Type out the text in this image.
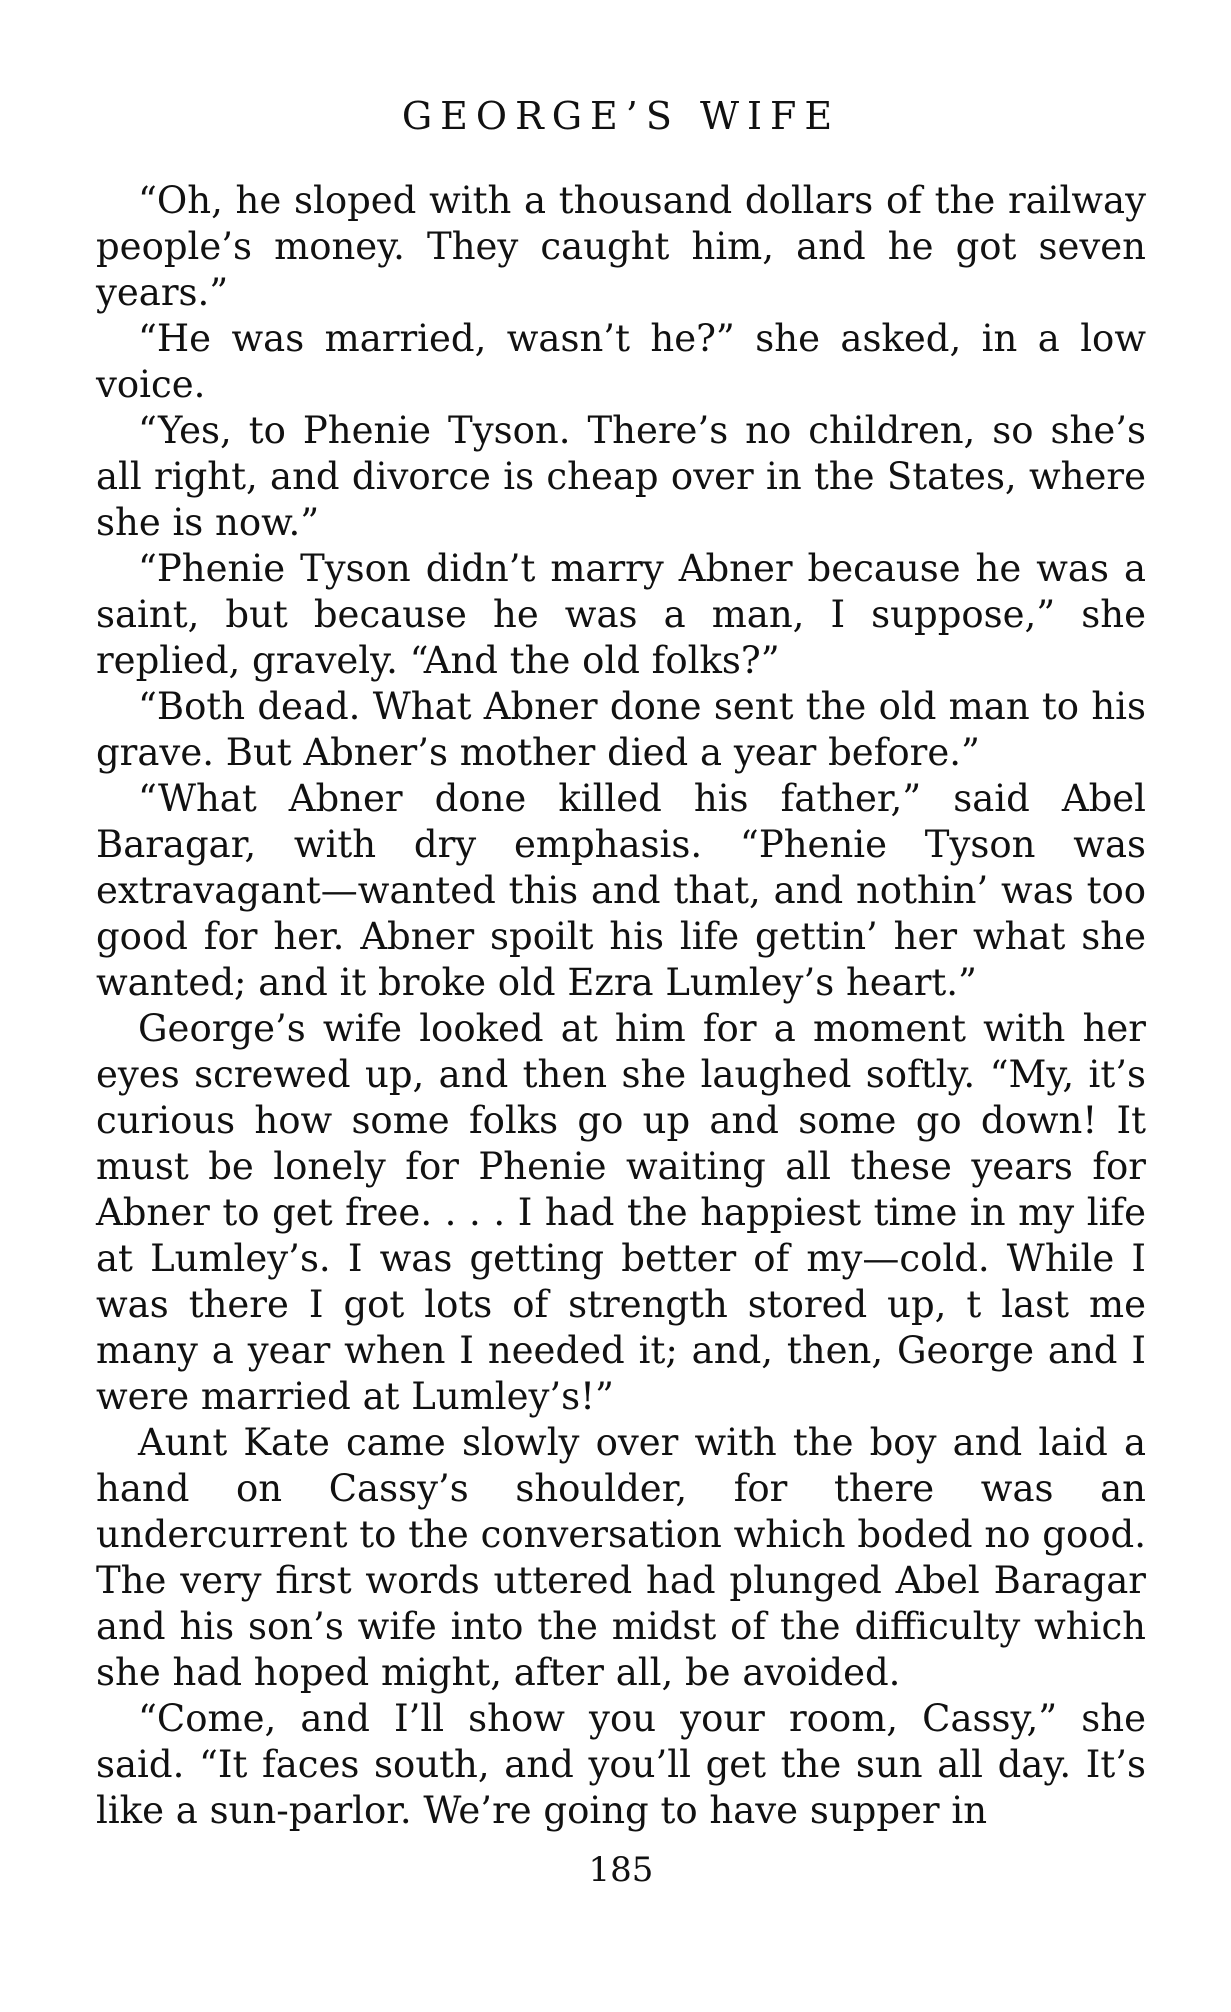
GEORGE’S WIFE

“Oh, he sloped with a thousand dollars of the railway people’s money. They caught him, and he got seven years.”

“He was married, wasn’t he?” she asked, in a low voice.

“Yes, to Phenie Tyson. There’s no children, so she’s all right, and divorce is cheap over in the States, where she is now.”

“Phenie Tyson didn’t marry Abner because he was a saint, but because he was a man, I suppose,” she replied, gravely. “And the old folks?”

“Both dead. What Abner done sent the old man to his grave. But Abner’s mother died a year before.”

“What Abner done killed his father,” said Abel Baragar, with dry emphasis. “Phenie Tyson was extravagant—wanted this and that, and nothin’ was too good for her. Abner spoilt his life gettin’ her what she wanted; and it broke old Ezra Lumley’s heart.”

George’s wife looked at him for a moment with her eyes screwed up, and then she laughed softly. “My, it’s curious how some folks go up and some go down! It must be lonely for Phenie waiting all these years for Abner to get free. . . . I had the happiest time in my life at Lumley’s. I was getting better of my—cold. While I was there I got lots of strength stored up, t last me many a year when I needed it; and, then, George and I were married at Lumley’s!”

Aunt Kate came slowly over with the boy and laid a hand on Cassy’s shoulder, for there was an undercurrent to the conversation which boded no good. The very first words uttered had plunged Abel Baragar and his son’s wife into the midst of the difficulty which she had hoped might, after all, be avoided.

“Come, and I’ll show you your room, Cassy,” she said. “It faces south, and you’ll get the sun all day. It’s like a sun-parlor. We’re going to have supper in

185
